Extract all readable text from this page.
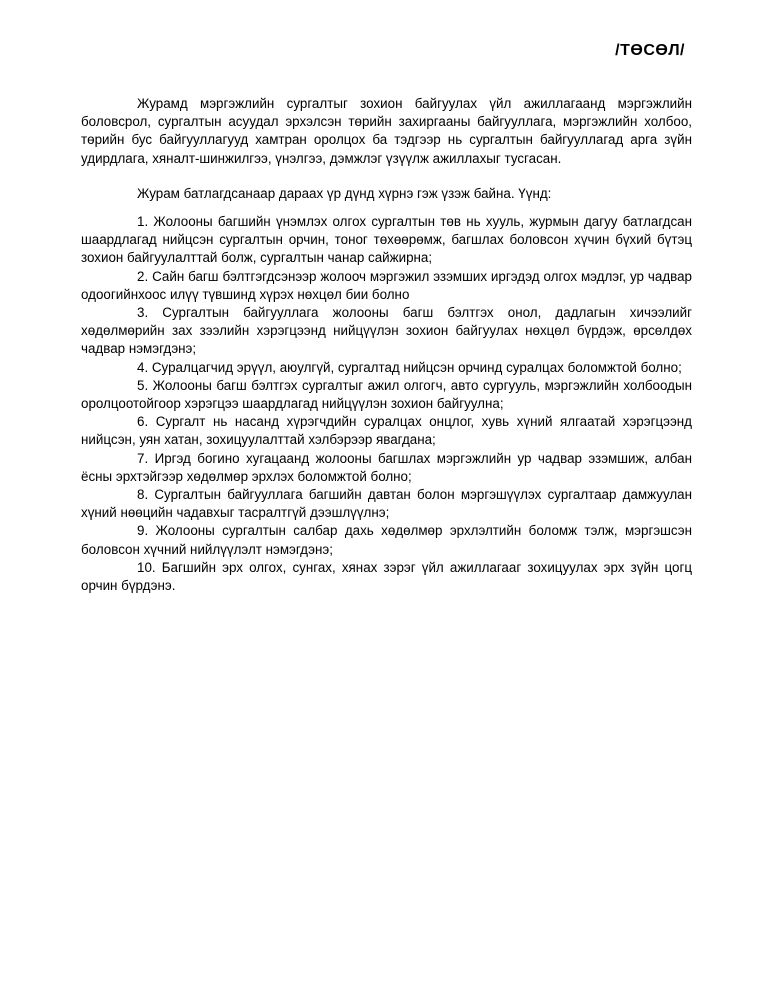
/ТӨСӨЛ/

Журамд мэргэжлийн сургалтыг зохион байгуулах үйл ажиллагаанд мэргэжлийн боловсрол, сургалтын асуудал эрхэлсэн төрийн захиргааны байгууллага, мэргэжлийн холбоо, төрийн бус байгууллагууд хамтран оролцох ба тэдгээр нь сургалтын байгууллагад арга зүйн удирдлага, хяналт-шинжилгээ, үнэлгээ, дэмжлэг үзүүлж ажиллахыг тусгасан.

Журам батлагдсанаар дараах үр дүнд хүрнэ гэж үзэж байна. Үүнд:

1. Жолооны багшийн үнэмлэх олгох сургалтын төв нь хууль, журмын дагуу батлагдсан шаардлагад нийцсэн сургалтын орчин, тоног төхөөрөмж, багшлах боловсон хүчин бүхий бүтэц зохион байгуулалттай болж, сургалтын чанар сайжирна;

2. Сайн багш бэлтгэгдсэнээр жолооч мэргэжил эзэмших иргэдэд олгох мэдлэг, ур чадвар одоогийнхоос илүү түвшинд хүрэх нөхцөл бии болно

3. Сургалтын байгууллага жолооны багш бэлтгэх онол, дадлагын хичээлийг хөдөлмөрийн зах зээлийн хэрэгцээнд нийцүүлэн зохион байгуулах нөхцөл бүрдэж, өрсөлдөх чадвар нэмэгдэнэ;

4. Суралцагчид эрүүл, аюулгүй, сургалтад нийцсэн орчинд суралцах боломжтой болно;

5. Жолооны багш бэлтгэх сургалтыг ажил олгогч, авто сургууль, мэргэжлийн холбоодын оролцоотойгоор хэрэгцээ шаардлагад нийцүүлэн зохион байгуулна;

6. Сургалт нь насанд хүрэгчдийн суралцах онцлог, хувь хүний ялгаатай хэрэгцээнд нийцсэн, уян хатан, зохицуулалттай хэлбэрээр явагдана;

7. Иргэд богино хугацаанд жолооны багшлах мэргэжлийн ур чадвар эзэмшиж, албан ёсны эрхтэйгээр хөдөлмөр эрхлэх боломжтой болно;

8. Сургалтын байгууллага багшийн давтан болон мэргэшүүлэх сургалтаар дамжуулан хүний нөөцийн чадавхыг тасралтгүй дээшлүүлнэ;

9. Жолооны сургалтын салбар дахь хөдөлмөр эрхлэлтийн боломж тэлж, мэргэшсэн боловсон хүчний нийлүүлэлт нэмэгдэнэ;

10. Багшийн эрх олгох, сунгах, хянах зэрэг үйл ажиллагааг зохицуулах эрх зүйн цогц орчин бүрдэнэ.
